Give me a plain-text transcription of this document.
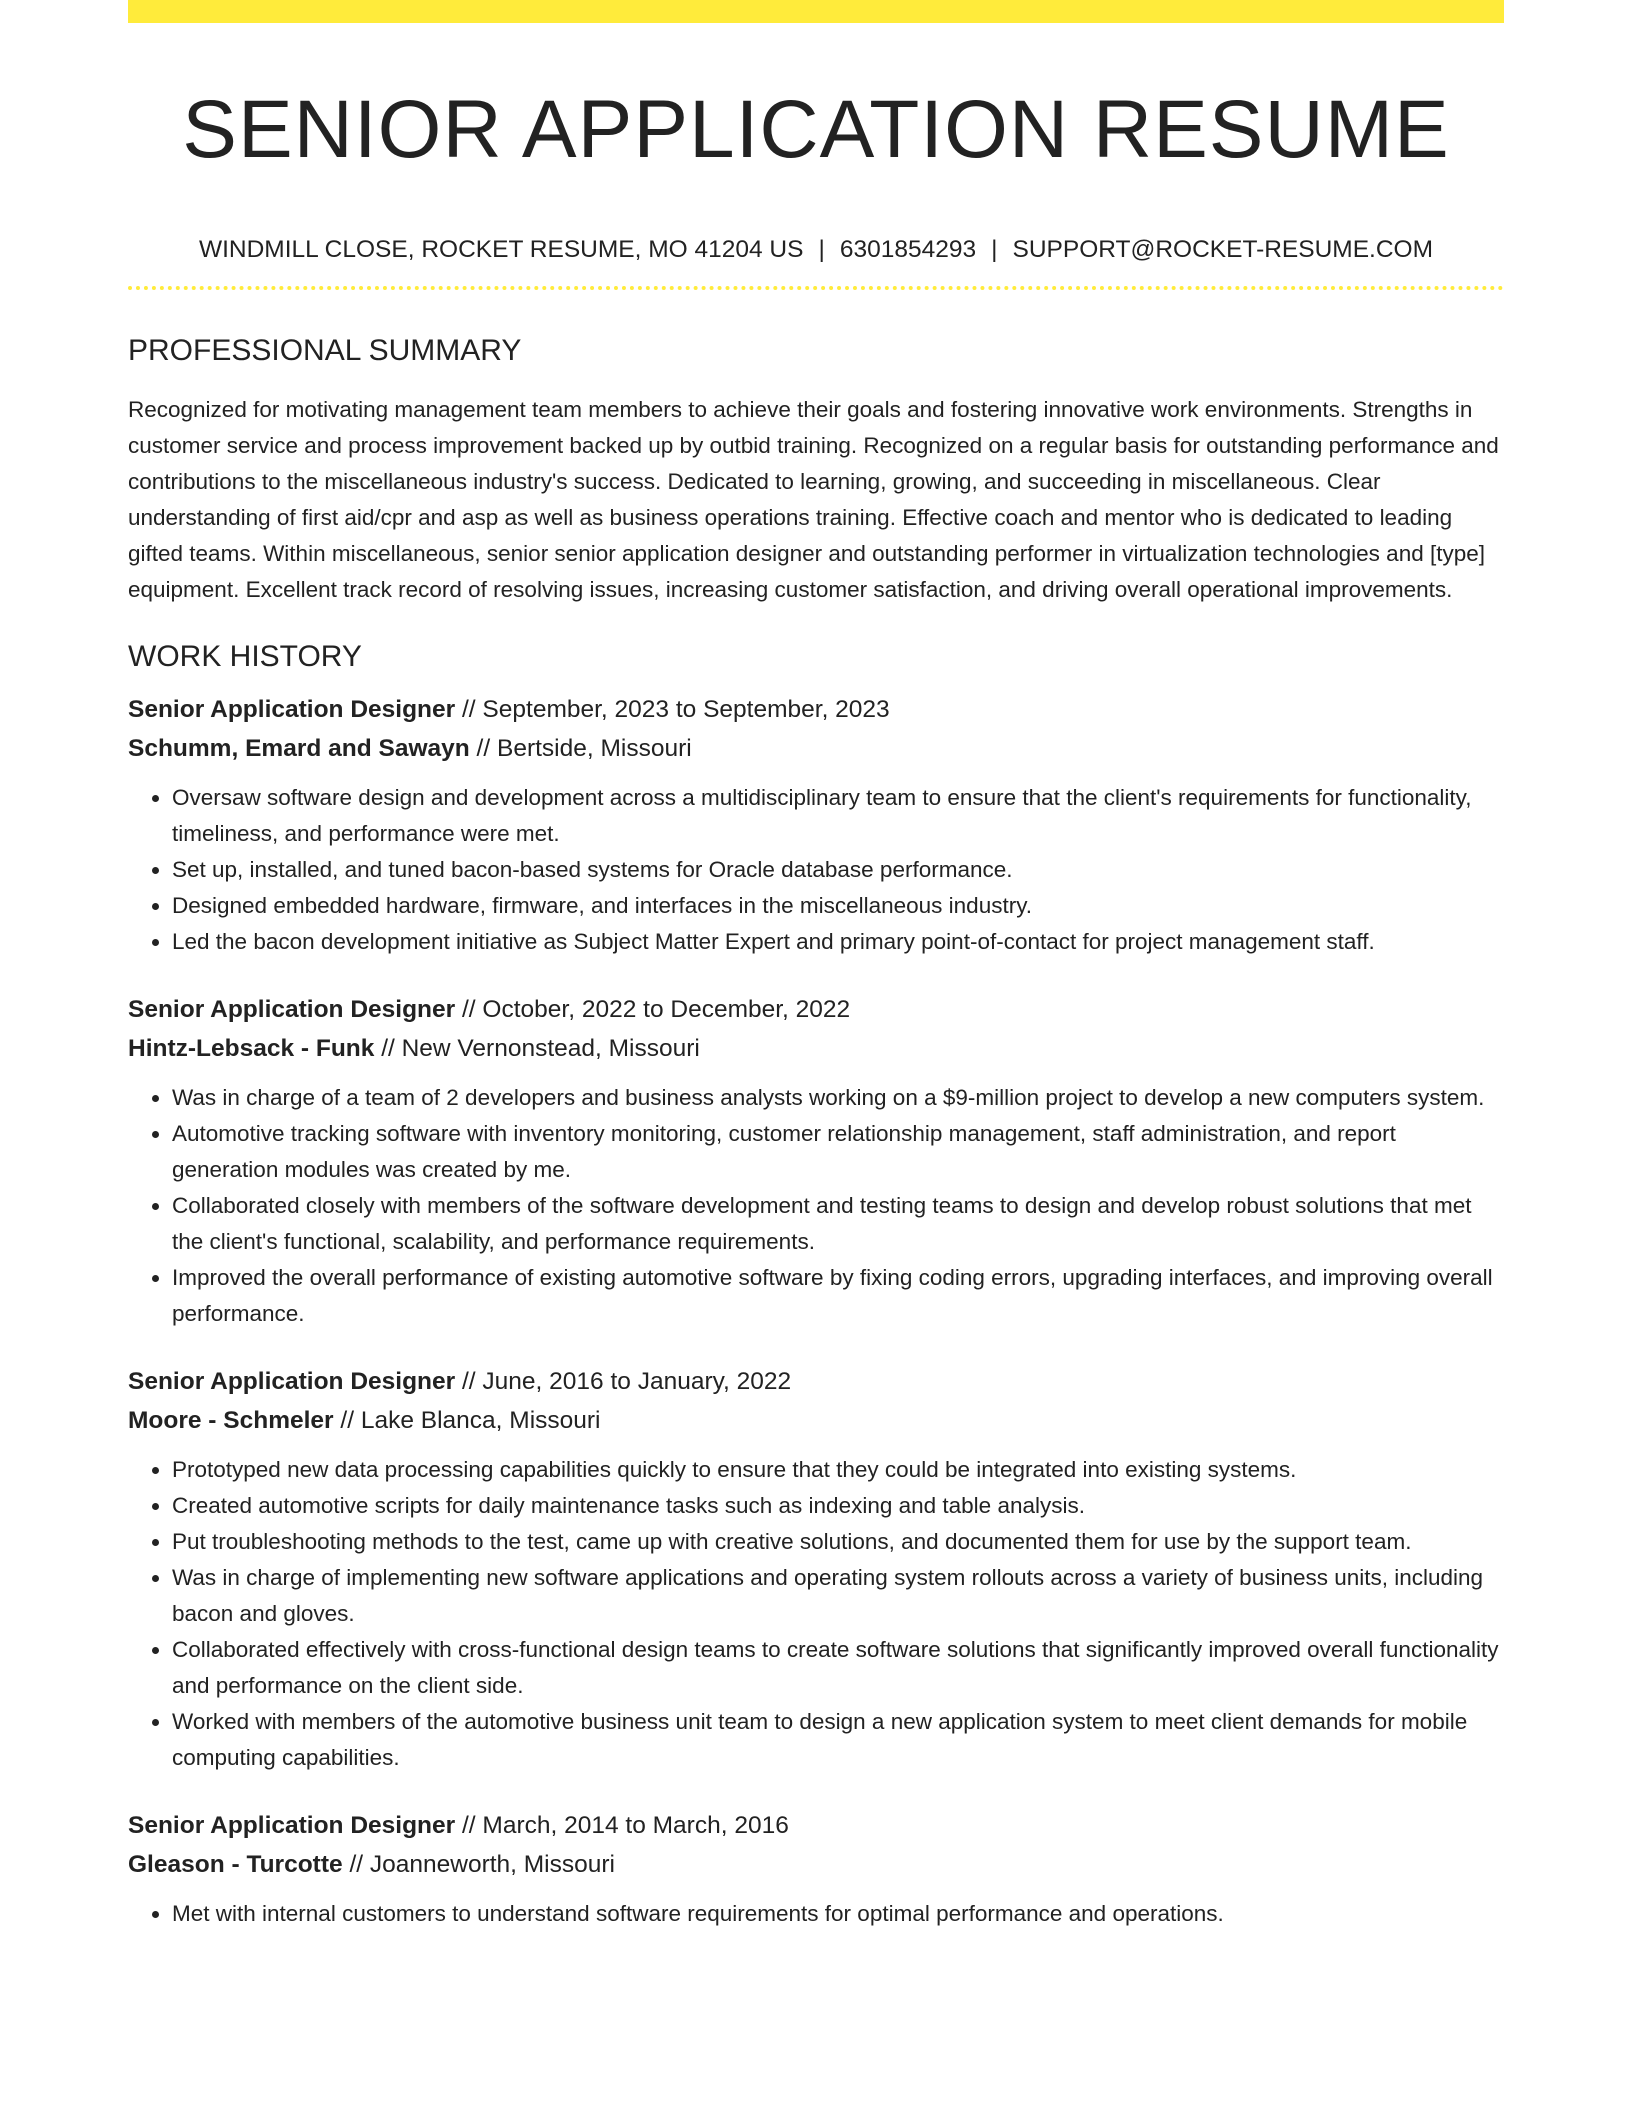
SENIOR APPLICATION RESUME
WINDMILL CLOSE, ROCKET RESUME, MO 41204 US | 6301854293 | SUPPORT@ROCKET-RESUME.COM
PROFESSIONAL SUMMARY

Recognized for motivating management team members to achieve their goals and fostering innovative work environments. Strengths in customer service and process improvement backed up by outbid training. Recognized on a regular basis for outstanding performance and contributions to the miscellaneous industry's success. Dedicated to learning, growing, and succeeding in miscellaneous. Clear understanding of first aid/cpr and asp as well as business operations training. Effective coach and mentor who is dedicated to leading gifted teams. Within miscellaneous, senior senior application designer and outstanding performer in virtualization technologies and [type] equipment. Excellent track record of resolving issues, increasing customer satisfaction, and driving overall operational improvements.

WORK HISTORY
Senior Application Designer // September, 2023 to September, 2023
Schumm, Emard and Sawayn // Bertside, Missouri
• Oversaw software design and development across a multidisciplinary team to ensure that the client's requirements for functionality, timeliness, and performance were met.
• Set up, installed, and tuned bacon-based systems for Oracle database performance.
• Designed embedded hardware, firmware, and interfaces in the miscellaneous industry.
• Led the bacon development initiative as Subject Matter Expert and primary point-of-contact for project management staff.
Senior Application Designer // October, 2022 to December, 2022
Hintz-Lebsack - Funk // New Vernonstead, Missouri
• Was in charge of a team of 2 developers and business analysts working on a $9-million project to develop a new computers system.
• Automotive tracking software with inventory monitoring, customer relationship management, staff administration, and report generation modules was created by me.
• Collaborated closely with members of the software development and testing teams to design and develop robust solutions that met the client's functional, scalability, and performance requirements.
• Improved the overall performance of existing automotive software by fixing coding errors, upgrading interfaces, and improving overall performance.
Senior Application Designer // June, 2016 to January, 2022
Moore - Schmeler // Lake Blanca, Missouri
• Prototyped new data processing capabilities quickly to ensure that they could be integrated into existing systems.
• Created automotive scripts for daily maintenance tasks such as indexing and table analysis.
• Put troubleshooting methods to the test, came up with creative solutions, and documented them for use by the support team.
• Was in charge of implementing new software applications and operating system rollouts across a variety of business units, including bacon and gloves.
• Collaborated effectively with cross-functional design teams to create software solutions that significantly improved overall functionality and performance on the client side.
• Worked with members of the automotive business unit team to design a new application system to meet client demands for mobile computing capabilities.
Senior Application Designer // March, 2014 to March, 2016
Gleason - Turcotte // Joanneworth, Missouri
• Met with internal customers to understand software requirements for optimal performance and operations.
